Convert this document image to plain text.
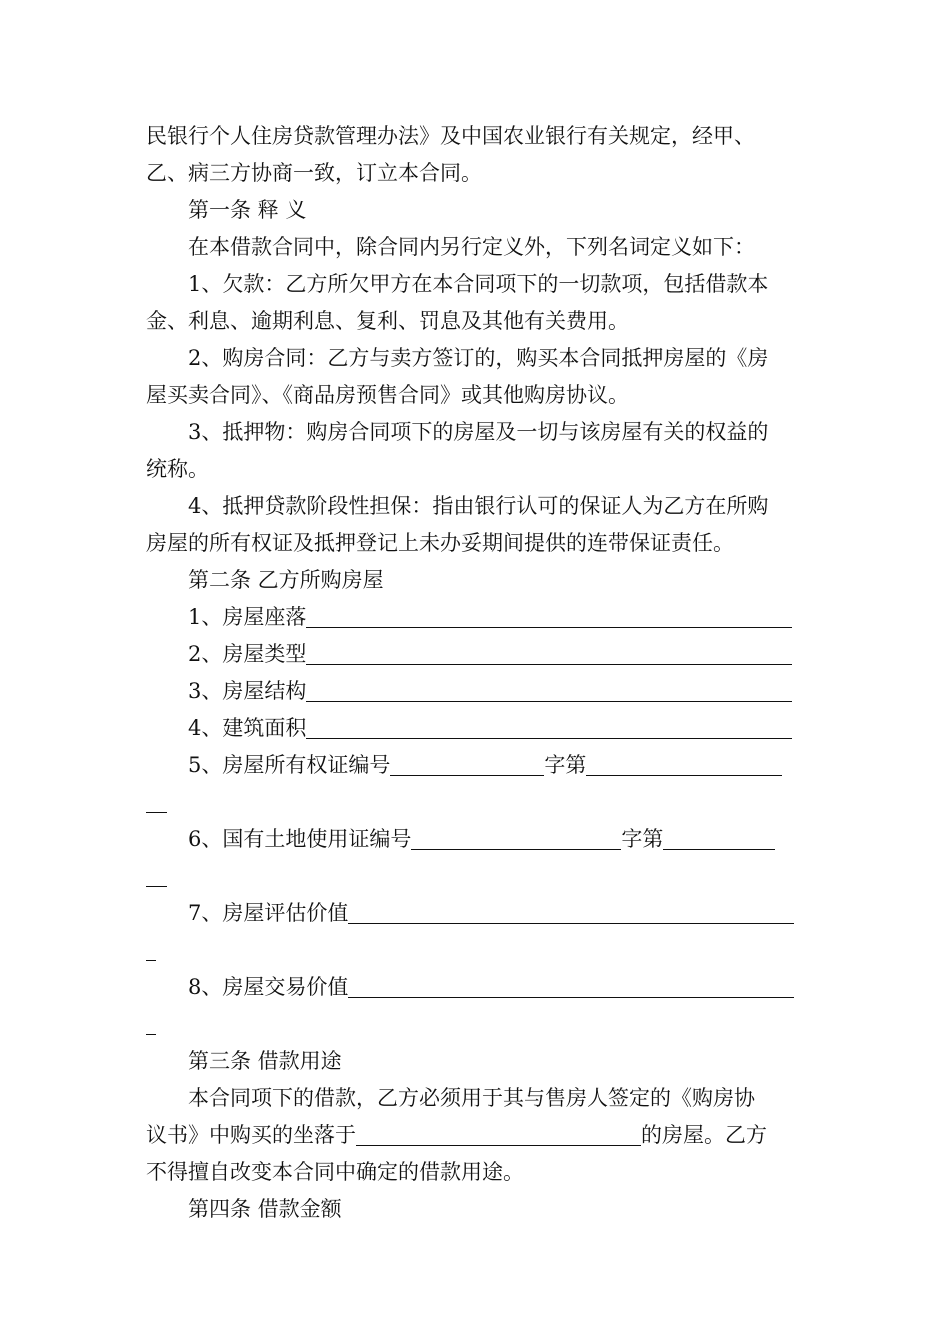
民银行个人住房贷款管理办法》及中国农业银行有关规定，经甲、
乙、病三方协商一致，订立本合同。
第一条 释 义
在本借款合同中，除合同内另行定义外，下列名词定义如下：
1、欠款：乙方所欠甲方在本合同项下的一切款项，包括借款本
金、利息、逾期利息、复利、罚息及其他有关费用。
2、购房合同：乙方与卖方签订的，购买本合同抵押房屋的《房
屋买卖合同》、《商品房预售合同》或其他购房协议。
3、抵押物：购房合同项下的房屋及一切与该房屋有关的权益的
统称。
4、抵押贷款阶段性担保：指由银行认可的保证人为乙方在所购
房屋的所有权证及抵押登记上未办妥期间提供的连带保证责任。
第二条 乙方所购房屋
1、房屋座落
2、房屋类型
3、房屋结构
4、建筑面积
5、房屋所有权证编号	字第
6、国有土地使用证编号	字第
7、房屋评估价值
8、房屋交易价值
第三条 借款用途
本合同项下的借款，乙方必须用于其与售房人签定的《购房协
议书》中购买的坐落于	的房屋。乙方
不得擅自改变本合同中确定的借款用途。
第四条 借款金额
